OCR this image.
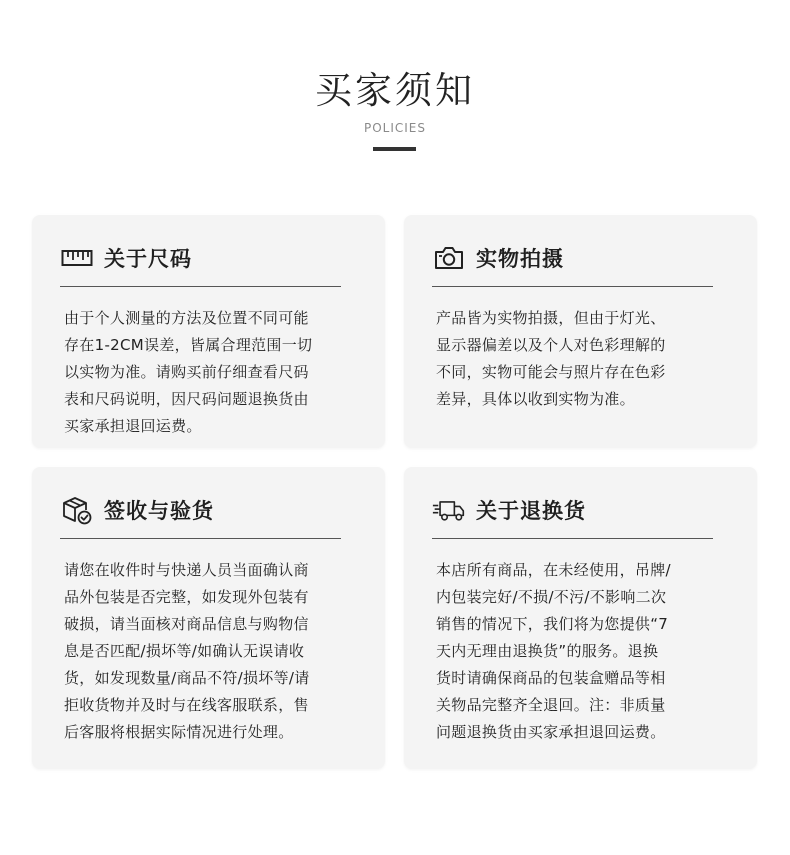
买家须知
POLICIES
关于尺码
由于个人测量的方法及位置不同可能
存在1-2CM误差，皆属合理范围一切
以实物为准。请购买前仔细查看尺码
表和尺码说明，因尺码问题退换货由
买家承担退回运费。
实物拍摄
产品皆为实物拍摄，但由于灯光、
显示器偏差以及个人对色彩理解的
不同，实物可能会与照片存在色彩
差异，具体以收到实物为准。
签收与验货
请您在收件时与快递人员当面确认商
品外包装是否完整，如发现外包装有
破损，请当面核对商品信息与购物信
息是否匹配/损坏等/如确认无误请收
货，如发现数量/商品不符/损坏等/请
拒收货物并及时与在线客服联系，售
后客服将根据实际情况进行处理。
关于退换货
本店所有商品，在未经使用，吊牌/
内包装完好/不损/不污/不影响二次
销售的情况下，我们将为您提供“7
天内无理由退换货”的服务。退换
货时请确保商品的包装盒赠品等相
关物品完整齐全退回。注：非质量
问题退换货由买家承担退回运费。
